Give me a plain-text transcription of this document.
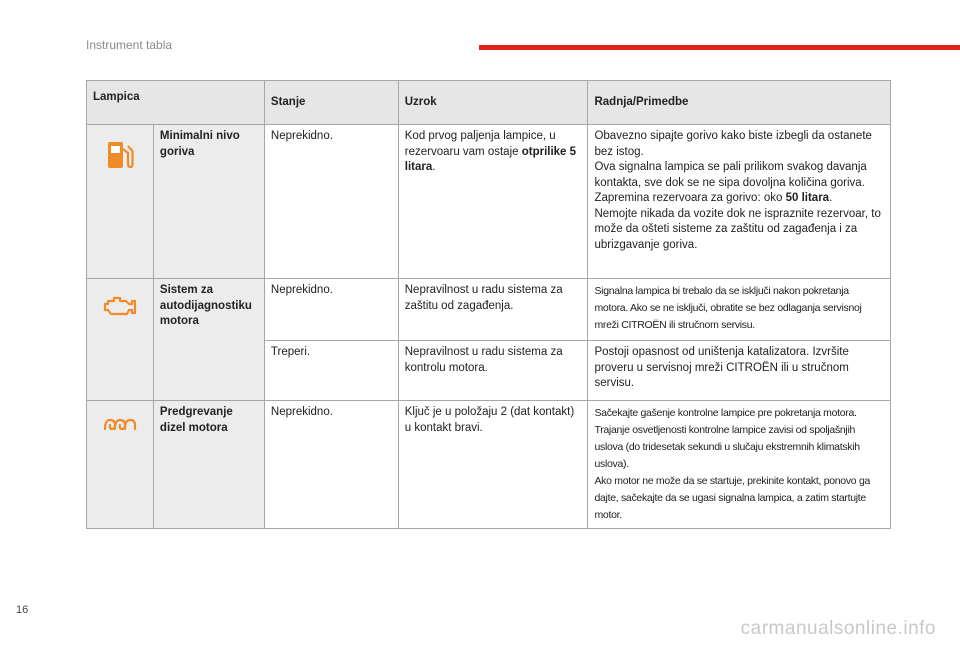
Instrument tabla
Lampica		Stanje	Uzrok	Radnja/Primedbe

	Minimalni nivo goriva	Neprekidno.	Kod prvog paljenja lampice, u rezervoaru vam ostaje otprilike 5 litara.	Obavezno sipajte gorivo kako biste izbegli da ostanete bez istog.
Ova signalna lampica se pali prilikom svakog davanja kontakta, sve dok se ne sipa dovoljna količina goriva.
Zapremina rezervoara za gorivo: oko 50 litara.
Nemojte nikada da vozite dok ne ispraznite rezervoar, to može da ošteti sisteme za zaštitu od zagađenja i za ubrizgavanje goriva.

	Sistem za autodijagnostiku motora	Neprekidno.	Nepravilnost u radu sistema za zaštitu od zagađenja.	Signalna lampica bi trebalo da se isključi nakon pokretanja motora. Ako se ne isključi, obratite se bez odlaganja servisnoj mreži CITROËN ili stručnom servisu.
		Treperi.	Nepravilnost u radu sistema za kontrolu motora.	Postoji opasnost od uništenja katalizatora. Izvršite proveru u servisnoj mreži CITROËN ili u stručnom servisu.

	Predgrevanje dizel motora	Neprekidno.	Ključ je u položaju 2 (dat kontakt) u kontakt bravi.	Sačekajte gašenje kontrolne lampice pre pokretanja motora.
Trajanje osvetljenosti kontrolne lampice zavisi od spoljašnjih uslova (do tridesetak sekundi u slučaju ekstremnih klimatskih uslova).
Ako motor ne može da se startuje, prekinite kontakt, ponovo ga dajte, sačekajte da se ugasi signalna lampica, a zatim startujte motor.
16
carmanualsonline.info
